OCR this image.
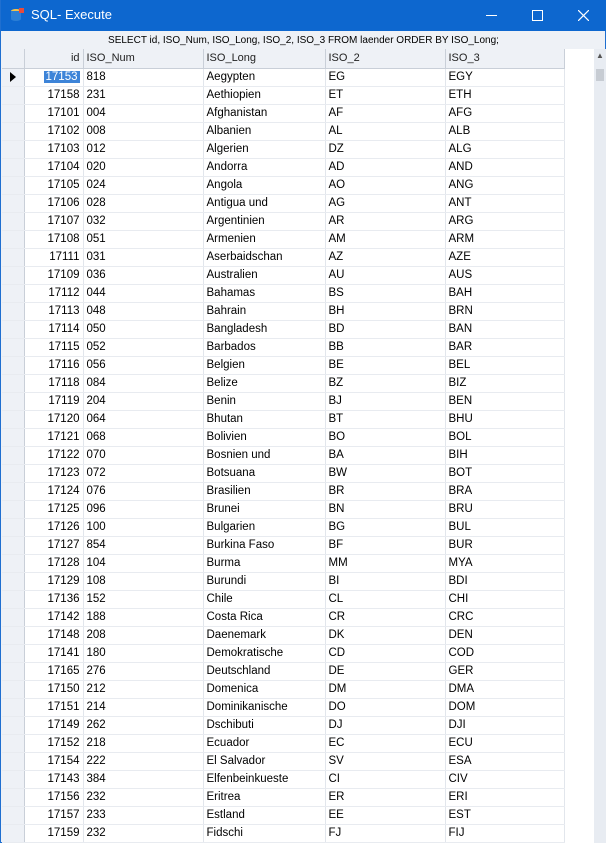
SQL- Execute
SELECT id, ISO_Num, ISO_Long, ISO_2, ISO_3 FROM laender ORDER BY ISO_Long;
	id	ISO_Num	ISO_Long	ISO_2	ISO_3
	17153	818	Aegypten	EG	EGY
	17158	231	Aethiopien	ET	ETH
	17101	004	Afghanistan	AF	AFG
	17102	008	Albanien	AL	ALB
	17103	012	Algerien	DZ	ALG
	17104	020	Andorra	AD	AND
	17105	024	Angola	AO	ANG
	17106	028	Antigua und	AG	ANT
	17107	032	Argentinien	AR	ARG
	17108	051	Armenien	AM	ARM
	17111	031	Aserbaidschan	AZ	AZE
	17109	036	Australien	AU	AUS
	17112	044	Bahamas	BS	BAH
	17113	048	Bahrain	BH	BRN
	17114	050	Bangladesh	BD	BAN
	17115	052	Barbados	BB	BAR
	17116	056	Belgien	BE	BEL
	17118	084	Belize	BZ	BIZ
	17119	204	Benin	BJ	BEN
	17120	064	Bhutan	BT	BHU
	17121	068	Bolivien	BO	BOL
	17122	070	Bosnien und	BA	BIH
	17123	072	Botsuana	BW	BOT
	17124	076	Brasilien	BR	BRA
	17125	096	Brunei	BN	BRU
	17126	100	Bulgarien	BG	BUL
	17127	854	Burkina Faso	BF	BUR
	17128	104	Burma	MM	MYA
	17129	108	Burundi	BI	BDI
	17136	152	Chile	CL	CHI
	17142	188	Costa Rica	CR	CRC
	17148	208	Daenemark	DK	DEN
	17141	180	Demokratische	CD	COD
	17165	276	Deutschland	DE	GER
	17150	212	Domenica	DM	DMA
	17151	214	Dominikanische	DO	DOM
	17149	262	Dschibuti	DJ	DJI
	17152	218	Ecuador	EC	ECU
	17154	222	El Salvador	SV	ESA
	17143	384	Elfenbeinkueste	CI	CIV
	17156	232	Eritrea	ER	ERI
	17157	233	Estland	EE	EST
	17159	232	Fidschi	FJ	FIJ
▲
